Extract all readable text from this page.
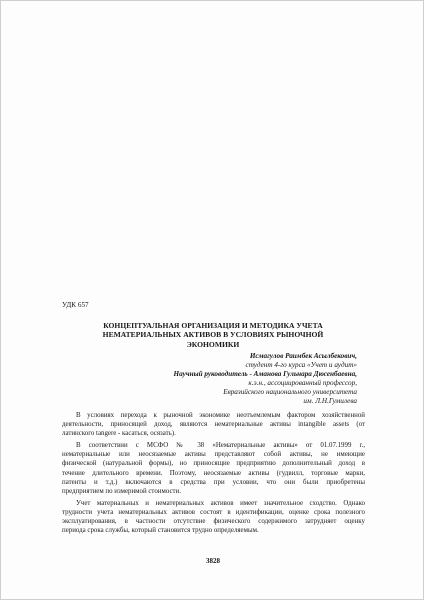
УДК 657
КОНЦЕПТУАЛЬНАЯ ОРГАНИЗАЦИЯ И МЕТОДИКА УЧЕТА
НЕМАТЕРИАЛЬНЫХ АКТИВОВ В УСЛОВИЯХ РЫНОЧНОЙ
ЭКОНОМИКИ
Исмагулов Раимбек Асылбекович,
студент 4-го курса «Учет и аудит»
Научный руководитель - Аманова Гульнара Дюсенбаевна,
к.э.н., ассоциированный профессор,
Евразийского национального университета
им. Л.Н.Гумилева
В условиях перехода к рыночной экономике неотъемлемым фактором хозяйственной
деятельности, приносящей доход, являются нематериальные активы intangible assets (от
латинского tangere - касаться, осязать).
В соответствии с МСФО № 38 «Нематериальные активы» от 01.07.1999 г.,
нематериальные или неосязаемые активы представляют собой активы, не имеющие
физической (натуральной формы), но приносящие предприятию дополнительный доход в
течение длительного времени. Поэтому, неосязаемые активы (гудвилл, торговые марки,
патенты и т.д.) включаются в средства при условии, что они были приобретены
предприятием по измеримой стоимости.
Учет материальных и нематериальных активов имеет значительное сходство. Однако
трудности учета нематериальных активов состоят в идентификации, оценке срока полезного
эксплуатирования, в частности отсутствие физического содержимого затрудняет оценку
периода срока службы, который становится трудно определяемым.
3828
